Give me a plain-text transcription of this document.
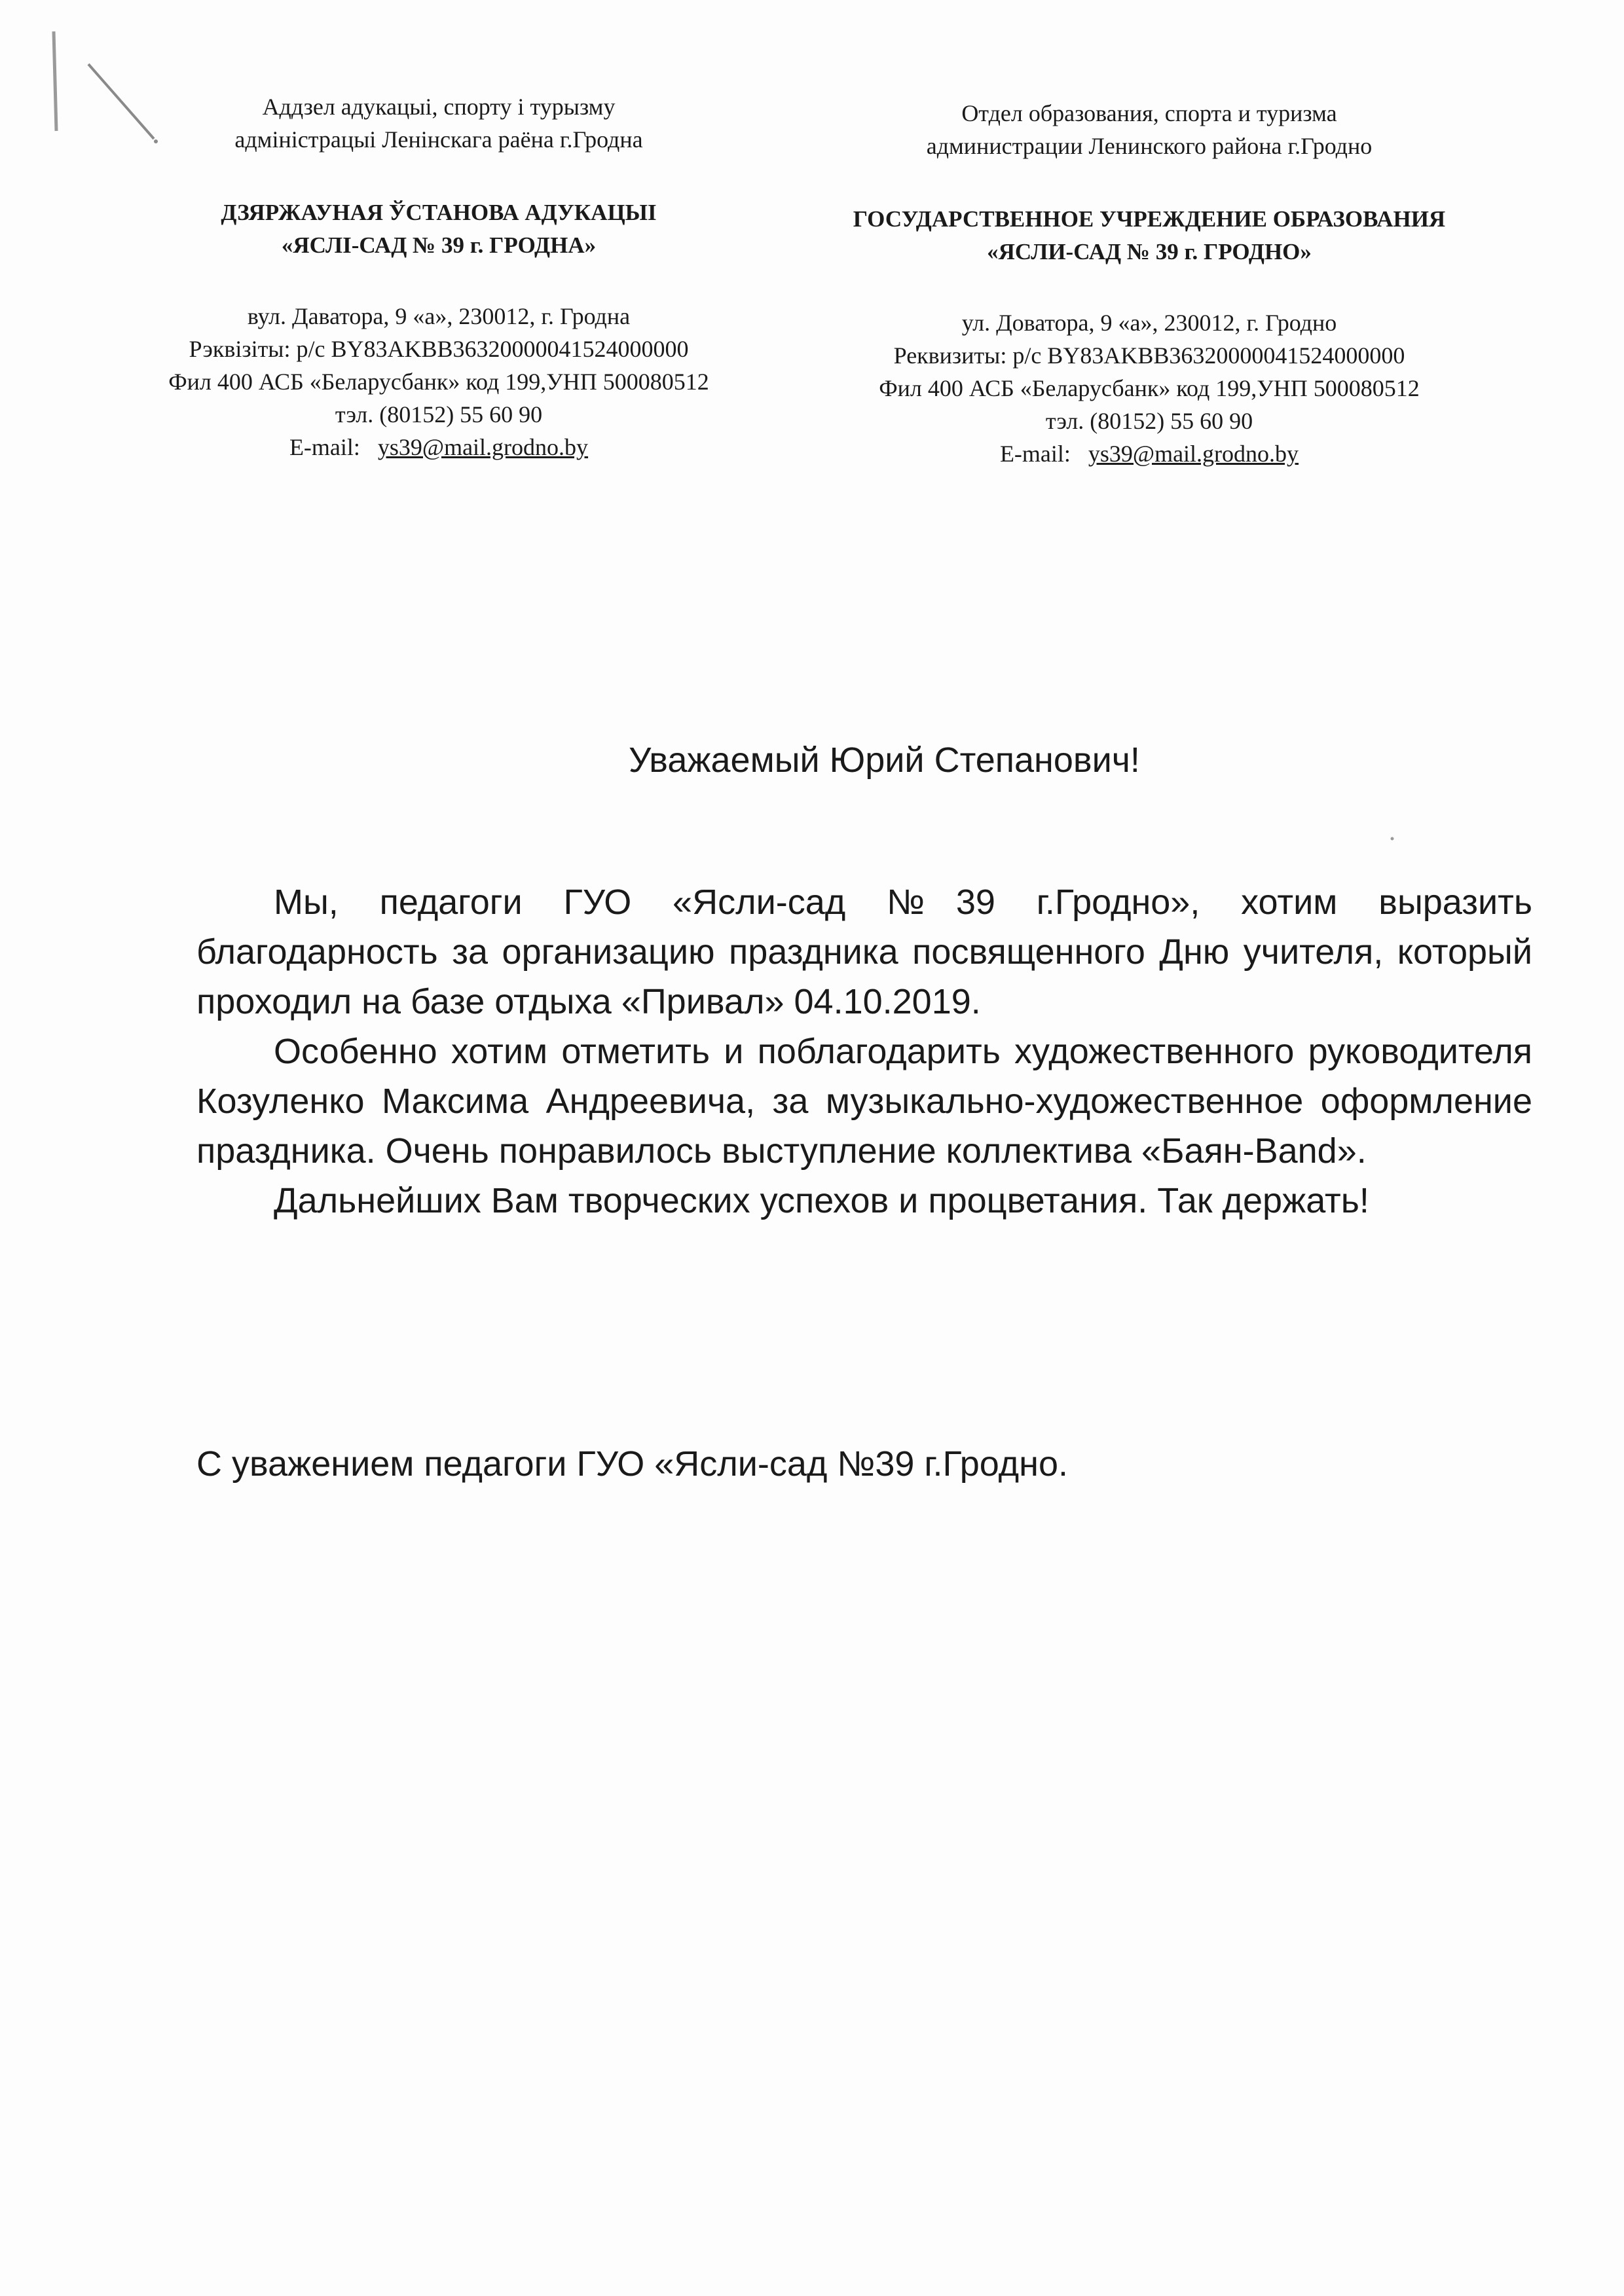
Аддзел адукацыі, спорту і турызму
адміністрацыі Ленінскага раёна г.Гродна
ДЗЯРЖАУНАЯ ЎСТАНОВА АДУКАЦЫІ
«ЯСЛІ-САД № 39 г. ГРОДНА»
вул. Даватора, 9 «а», 230012, г. Гродна
Рэквізіты: р/с BY83AKBB36320000041524000000
Фил 400 АСБ «Беларусбанк» код 199,УНП 500080512
тэл. (80152) 55 60 90
E-mail: ys39@mail.grodno.by
Отдел образования, спорта и туризма
администрации Ленинского района г.Гродно
ГОСУДАРСТВЕННОЕ УЧРЕЖДЕНИЕ ОБРАЗОВАНИЯ
«ЯСЛИ-САД № 39 г. ГРОДНО»
ул. Доватора, 9 «а», 230012, г. Гродно
Реквизиты: р/с BY83AKBB36320000041524000000
Фил 400 АСБ «Беларусбанк» код 199,УНП 500080512
тэл. (80152) 55 60 90
E-mail: ys39@mail.grodno.by
Уважаемый Юрий Степанович!

Мы, педагоги ГУО «Ясли-сад №39 г.Гродно», хотим выразить благодарность за организацию праздника посвященного Дню учителя, который проходил на базе отдыха «Привал» 04.10.2019.

Особенно хотим отметить и поблагодарить художественного руководителя Козуленко Максима Андреевича, за музыкально-художественное оформление праздника. Очень понравилось выступление коллектива «Баян-Band».

Дальнейших Вам творческих успехов и процветания. Так держать!

С уважением педагоги ГУО «Ясли-сад №39 г.Гродно.
